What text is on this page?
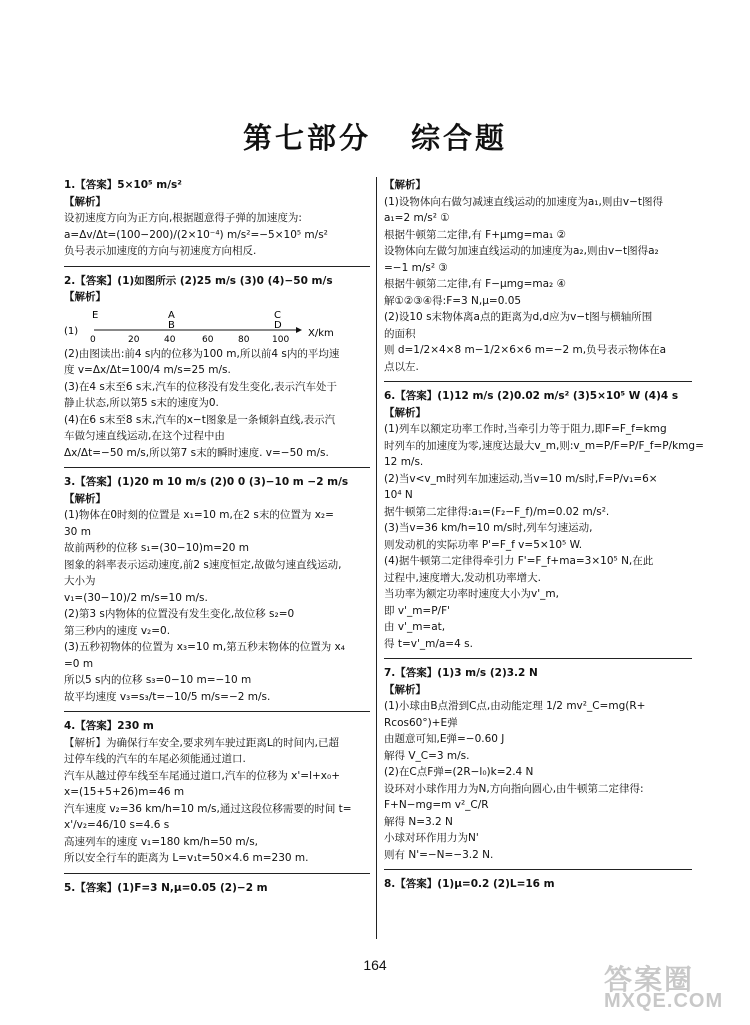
第七部分 综合题
1.【答案】5×10⁵ m/s²
【解析】
设初速度方向为正方向,根据题意得子弹的加速度为:
a=Δv/Δt=(100−200)/(2×10⁻⁴) m/s²=−5×10⁵ m/s²
负号表示加速度的方向与初速度方向相反.
2.【答案】(1)如图所示 (2)25 m/s (3)0 (4)−50 m/s
【解析】
(1)
E	A
B
C
D
0	20	40	60	80	100
X/km
(2)由图读出:前4 s内的位移为100 m,所以前4 s内的平均速
度 v=Δx/Δt=100/4 m/s=25 m/s.
(3)在4 s末至6 s末,汽车的位移没有发生变化,表示汽车处于
静止状态,所以第5 s末的速度为0.
(4)在6 s末至8 s末,汽车的x−t图象是一条倾斜直线,表示汽
车做匀速直线运动,在这个过程中由
Δx/Δt=−50 m/s,所以第7 s末的瞬时速度. v=−50 m/s.
3.【答案】(1)20 m 10 m/s (2)0 0 (3)−10 m −2 m/s
【解析】
(1)物体在0时刻的位置是 x₁=10 m,在2 s末的位置为 x₂=
30 m
故前两秒的位移 s₁=(30−10)m=20 m
图象的斜率表示运动速度,前2 s速度恒定,故做匀速直线运动,
大小为
v₁=(30−10)/2 m/s=10 m/s.
(2)第3 s内物体的位置没有发生变化,故位移 s₂=0
第三秒内的速度 v₂=0.
(3)五秒初物体的位置为 x₃=10 m,第五秒末物体的位置为 x₄
=0 m
所以5 s内的位移 s₃=0−10 m=−10 m
故平均速度 v₃=s₃/t=−10/5 m/s=−2 m/s.
4.【答案】230 m
【解析】为确保行车安全,要求列车驶过距离L的时间内,已超
过停车线的汽车的车尾必须能通过道口.
汽车从越过停车线至车尾通过道口,汽车的位移为 x'=l+x₀+
x=(15+5+26)m=46 m
汽车速度 v₂=36 km/h=10 m/s,通过这段位移需要的时间 t=
x'/v₂=46/10 s=4.6 s
高速列车的速度 v₁=180 km/h=50 m/s,
所以安全行车的距离为 L=v₁t=50×4.6 m=230 m.
5.【答案】(1)F=3 N,μ=0.05 (2)−2 m
【解析】
(1)设物体向右做匀减速直线运动的加速度为a₁,则由v−t图得
a₁=2 m/s² ①
根据牛顿第二定律,有 F+μmg=ma₁ ②
设物体向左做匀加速直线运动的加速度为a₂,则由v−t图得a₂
=−1 m/s² ③
根据牛顿第二定律,有 F−μmg=ma₂ ④
解①②③④得:F=3 N,μ=0.05
(2)设10 s末物体离a点的距离为d,d应为v−t图与横轴所围
的面积
则 d=1/2×4×8 m−1/2×6×6 m=−2 m,负号表示物体在a
点以左.
6.【答案】(1)12 m/s (2)0.02 m/s² (3)5×10⁵ W (4)4 s
【解析】
(1)列车以额定功率工作时,当牵引力等于阻力,即F=F_f=kmg
时列车的加速度为零,速度达最大v_m,则:v_m=P/F=P/F_f=P/kmg=
12 m/s.
(2)当v<v_m时列车加速运动,当v=10 m/s时,F=P/v₁=6×
10⁴ N
据牛顿第二定律得:a₁=(F₂−F_f)/m=0.02 m/s².
(3)当v=36 km/h=10 m/s时,列车匀速运动,
则发动机的实际功率 P'=F_f v=5×10⁵ W.
(4)据牛顿第二定律得牵引力 F'=F_f+ma=3×10⁵ N,在此
过程中,速度增大,发动机功率增大.
当功率为额定功率时速度大小为v'_m,
即 v'_m=P/F'
由 v'_m=at,
得 t=v'_m/a=4 s.
7.【答案】(1)3 m/s (2)3.2 N
【解析】
(1)小球由B点滑到C点,由动能定理 1/2 mv²_C=mg(R+
Rcos60°)+E弹
由题意可知,E弹=−0.60 J
解得 V_C=3 m/s.
(2)在C点F弹=(2R−l₀)k=2.4 N
设环对小球作用力为N,方向指向圆心,由牛顿第二定律得:
F+N−mg=m v²_C/R
解得 N=3.2 N
小球对环作用力为N'
则有 N'=−N=−3.2 N.
8.【答案】(1)μ=0.2 (2)L=16 m
164	答案圈
MXQE.COM
